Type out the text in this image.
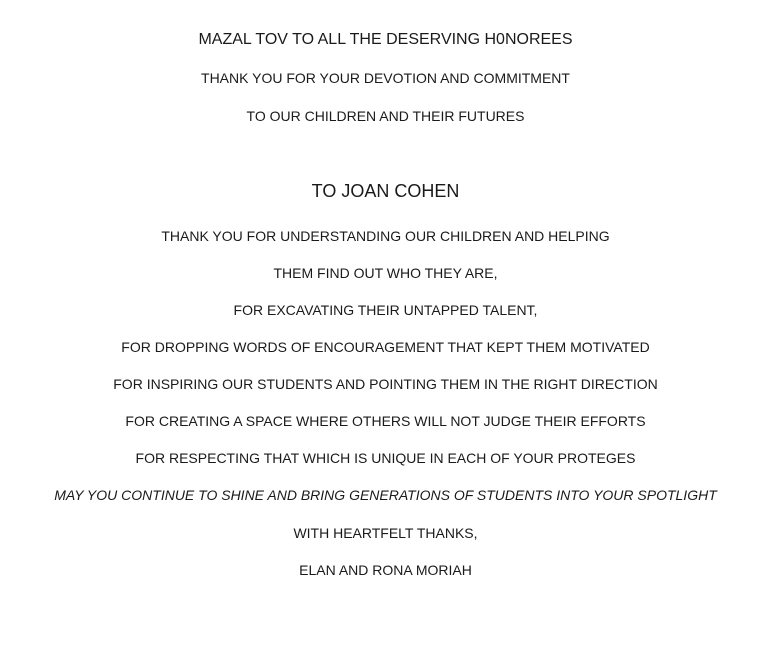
MAZAL TOV TO ALL THE DESERVING H0NOREES
THANK YOU FOR YOUR DEVOTION AND COMMITMENT
TO OUR CHILDREN AND THEIR FUTURES
TO JOAN COHEN
THANK YOU FOR UNDERSTANDING OUR CHILDREN AND HELPING
THEM FIND OUT WHO THEY ARE,
FOR EXCAVATING THEIR UNTAPPED TALENT,
FOR DROPPING WORDS OF ENCOURAGEMENT THAT KEPT THEM MOTIVATED
FOR INSPIRING OUR STUDENTS AND POINTING THEM IN THE RIGHT DIRECTION
FOR CREATING A SPACE WHERE OTHERS WILL NOT JUDGE THEIR EFFORTS
FOR RESPECTING THAT WHICH IS UNIQUE IN EACH OF YOUR PROTEGES
MAY YOU CONTINUE TO SHINE AND BRING GENERATIONS OF STUDENTS INTO YOUR SPOTLIGHT
WITH HEARTFELT THANKS,
ELAN AND RONA MORIAH
